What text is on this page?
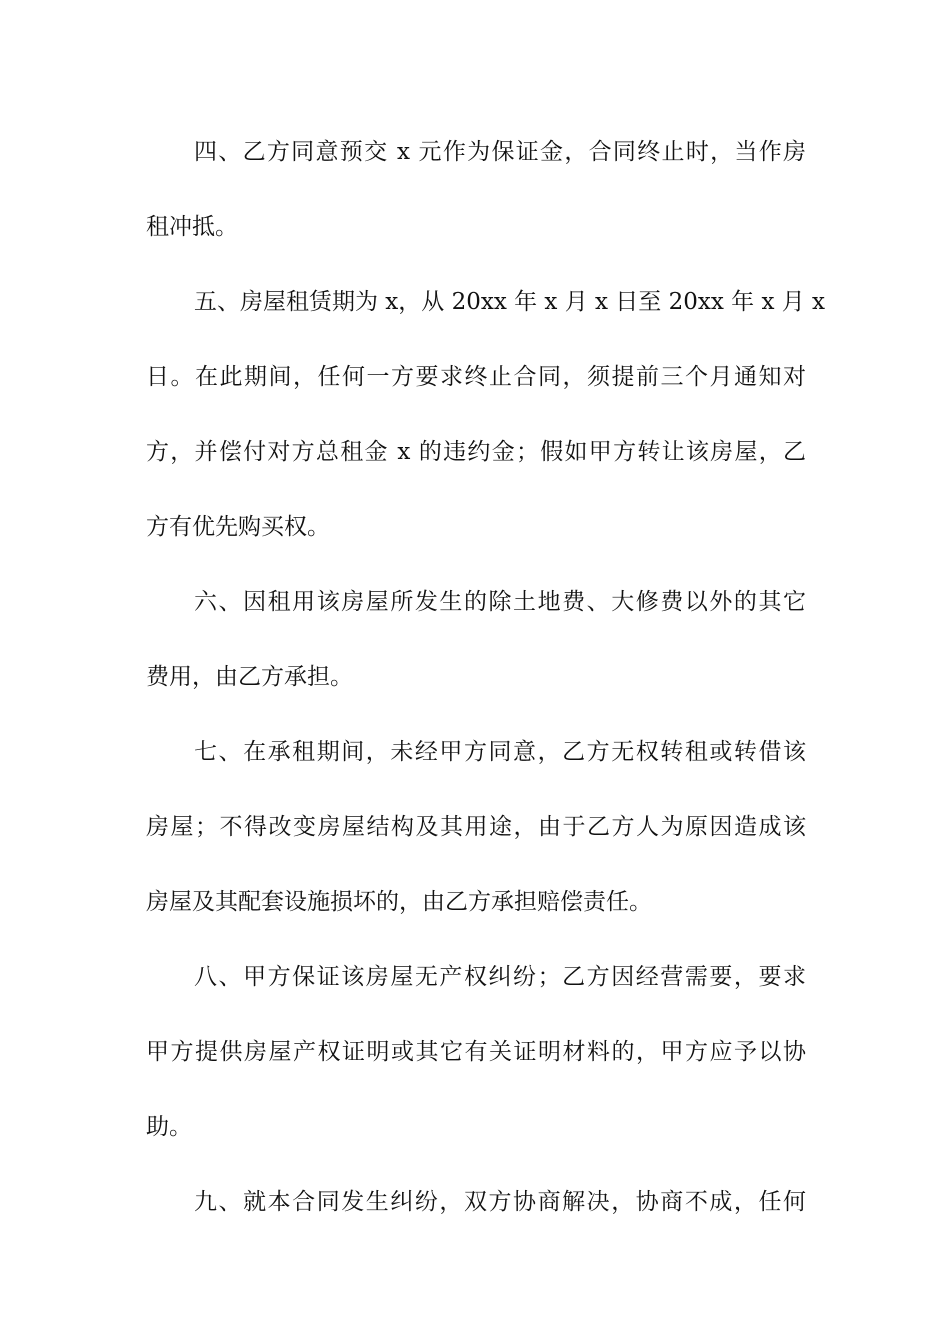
四、乙方同意预交 x 元作为保证金，合同终止时，当作房
租冲抵。
五、房屋租赁期为 x，从 20xx 年 x 月 x 日至 20xx 年 x 月 x
日。在此期间，任何一方要求终止合同，须提前三个月通知对
方，并偿付对方总租金 x 的违约金；假如甲方转让该房屋，乙
方有优先购买权。
六、因租用该房屋所发生的除土地费、大修费以外的其它
费用，由乙方承担。
七、在承租期间，未经甲方同意，乙方无权转租或转借该
房屋；不得改变房屋结构及其用途，由于乙方人为原因造成该
房屋及其配套设施损坏的，由乙方承担赔偿责任。
八、甲方保证该房屋无产权纠纷；乙方因经营需要，要求
甲方提供房屋产权证明或其它有关证明材料的，甲方应予以协
助。
九、就本合同发生纠纷，双方协商解决，协商不成，任何
